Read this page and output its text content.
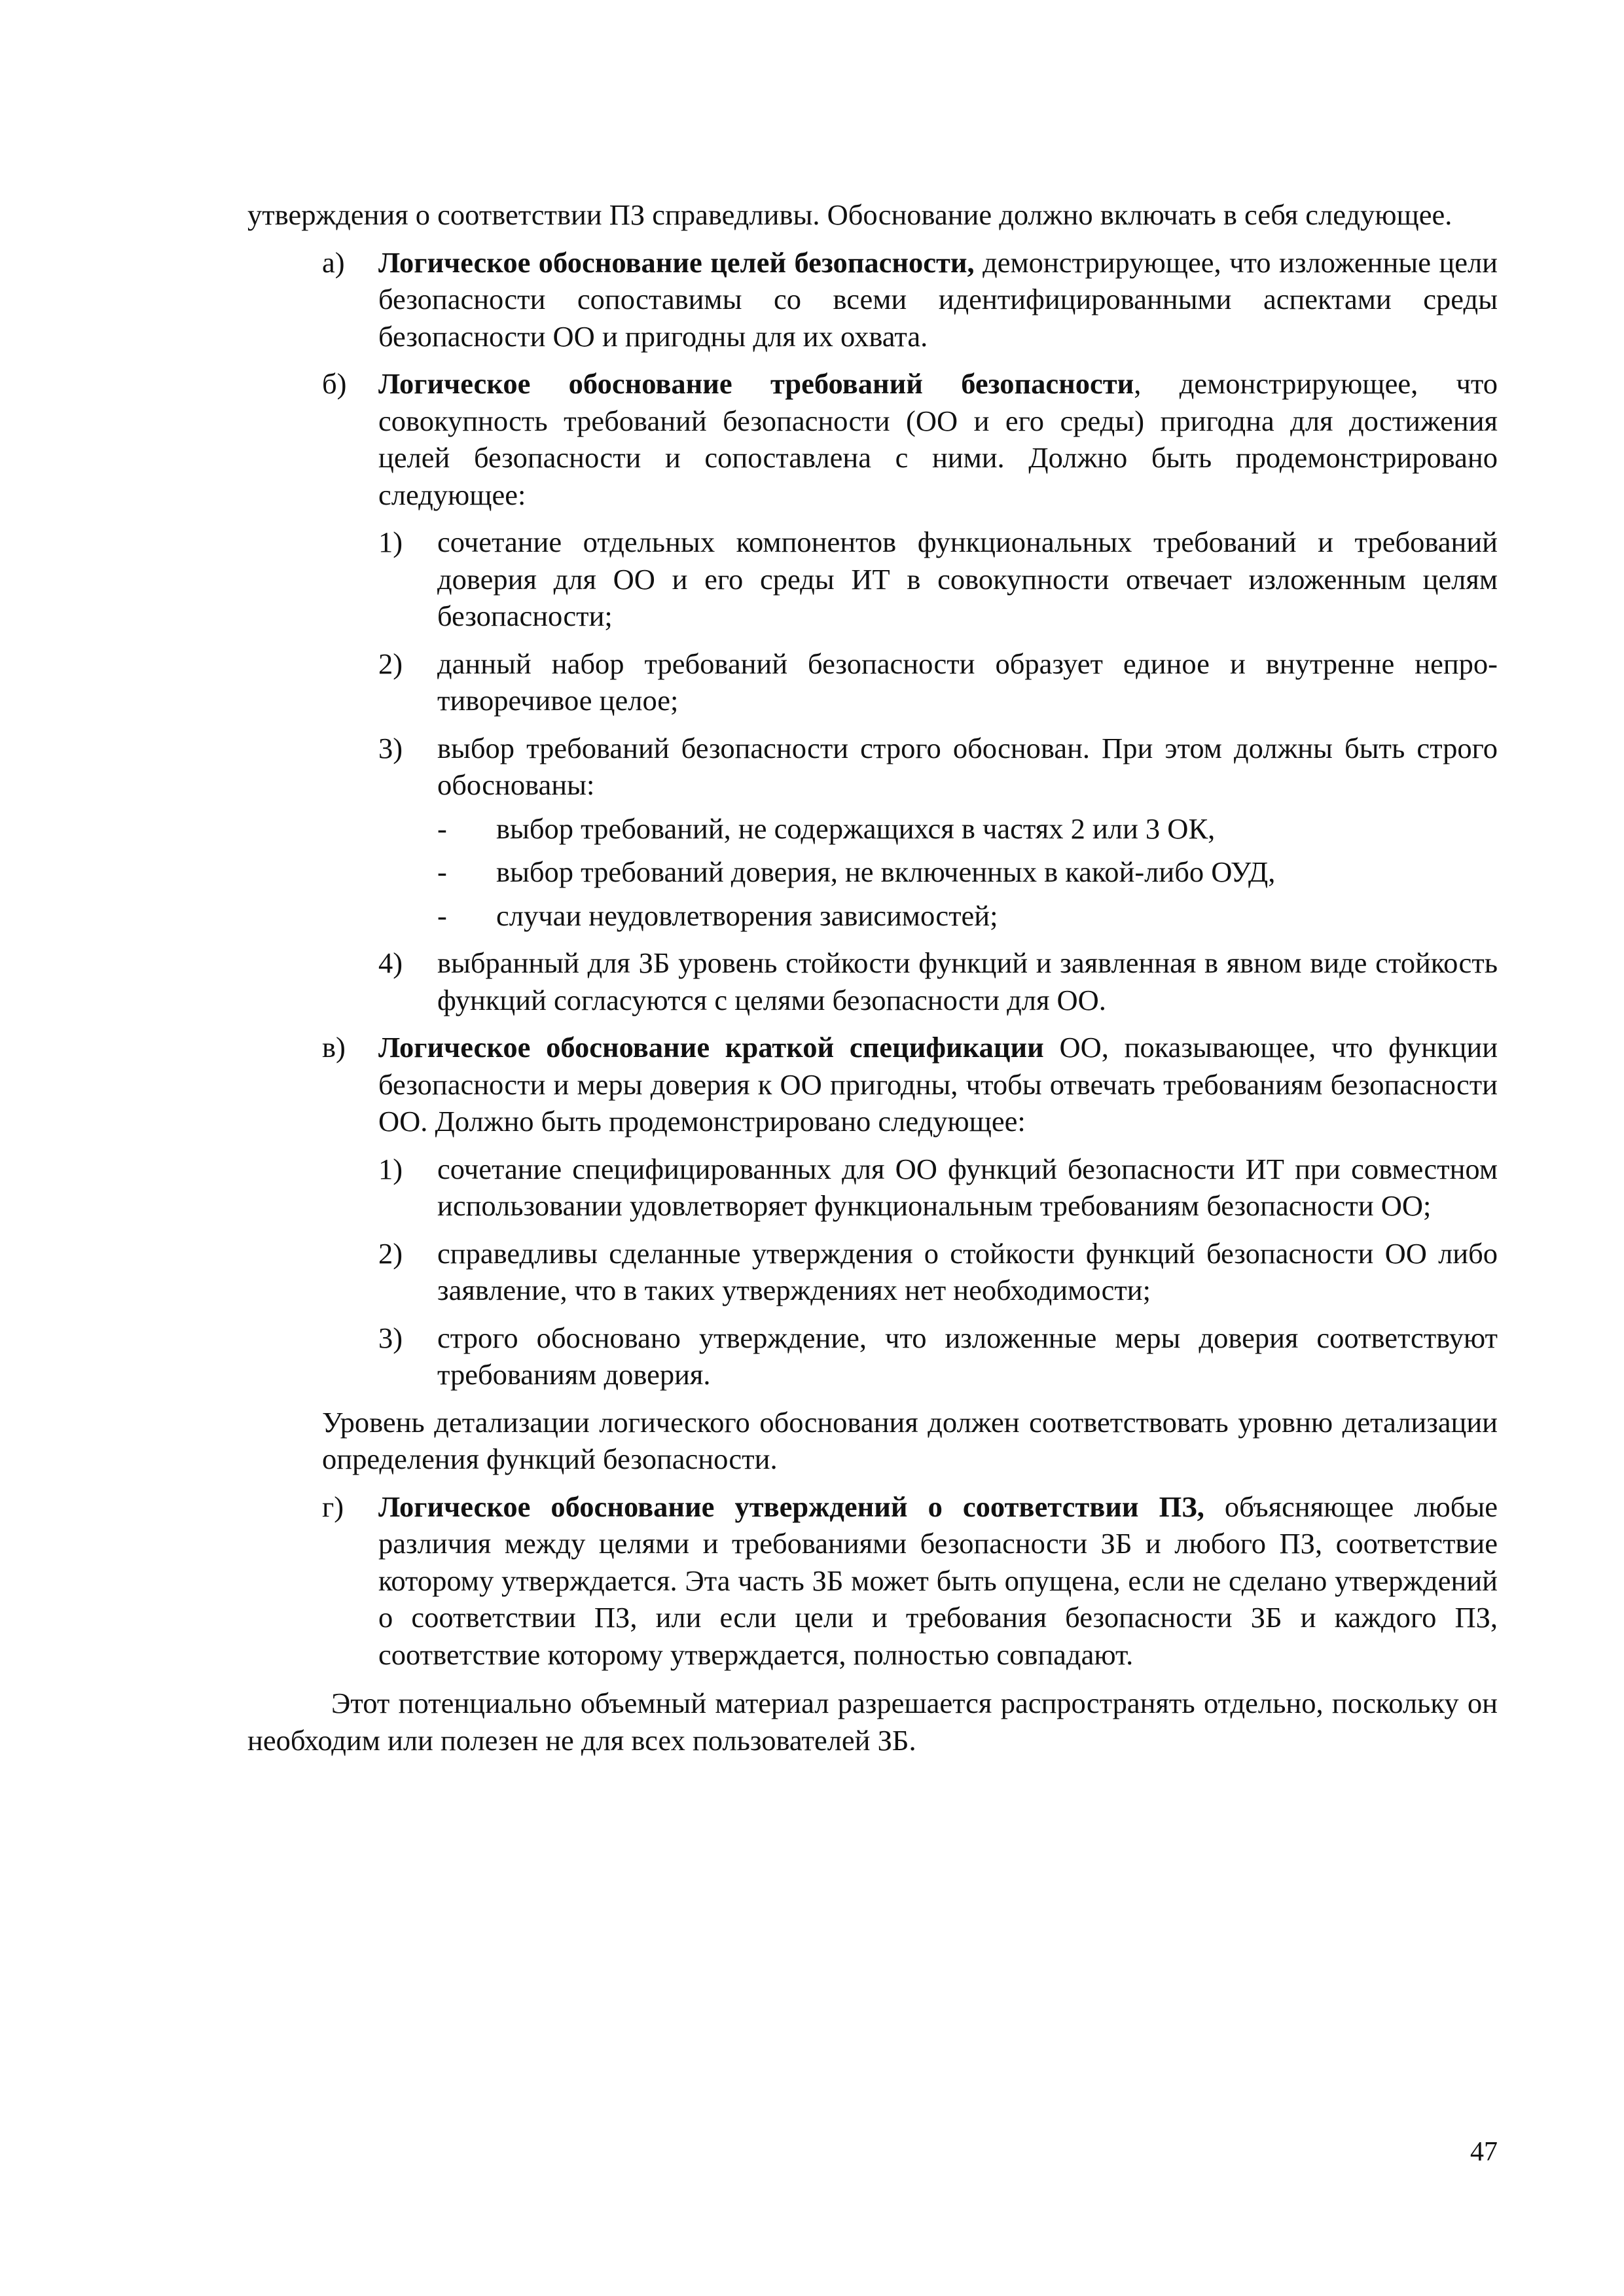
утверждения о соответствии ПЗ справедливы. Обоснование должно включать в себя следующее.

а)	Логическое обоснование целей безопасности, демонстрирующее, что изложенные цели безопасности сопоставимы со всеми идентифицированными аспектами среды безопасности ОО и пригодны для их охвата.
б)	Логическое обоснование требований безопасности, демонстрирующее, что совокупность требований безопасности (ОО и его среды) пригодна для достижения целей безопасности и сопоставлена с ними. Должно быть продемонстрировано следующее:
1)	сочетание отдельных компонентов функциональных требований и требований доверия для ОО и его среды ИТ в совокупности отвечает изложенным целям безопасности;
2)	данный набор требований безопасности образует единое и внутренне непротиворечивое целое;
3)	выбор требований безопасности строго обоснован. При этом должны быть строго обоснованы:
-	выбор требований, не содержащихся в частях 2 или 3 ОК,
-	выбор требований доверия, не включенных в какой-либо ОУД,
-	случаи неудовлетворения зависимостей;
4)	выбранный для ЗБ уровень стойкости функций и заявленная в явном виде стойкость функций согласуются с целями безопасности для ОО.
в)	Логическое обоснование краткой спецификации ОО, показывающее, что функции безопасности и меры доверия к ОО пригодны, чтобы отвечать требованиям безопасности ОО. Должно быть продемонстрировано следующее:
1)	сочетание специфицированных для ОО функций безопасности ИТ при совместном использовании удовлетворяет функциональным требованиям безопасности ОО;
2)	справедливы сделанные утверждения о стойкости функций безопасности ОО либо заявление, что в таких утверждениях нет необходимости;
3)	строго обосновано утверждение, что изложенные меры доверия соответствуют требованиям доверия.

Уровень детализации логического обоснования должен соответствовать уровню детализации определения функций безопасности.

г)	Логическое обоснование утверждений о соответствии ПЗ, объясняющее любые различия между целями и требованиями безопасности ЗБ и любого ПЗ, соответствие которому утверждается. Эта часть ЗБ может быть опущена, если не сделано утверждений о соответствии ПЗ, или если цели и требования безопасности ЗБ и каждого ПЗ, соответствие которому утверждается, полностью совпадают.

Этот потенциально объемный материал разрешается распространять отдельно, поскольку он необходим или полезен не для всех пользователей ЗБ.

47
